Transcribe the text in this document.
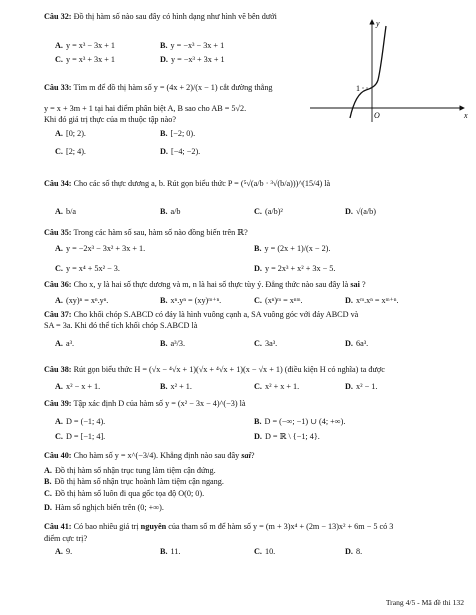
Câu 32: Đồ thị hàm số nào sau đây có hình dạng như hình vẽ bên dưới
A. y = x³ − 3x + 1	B. y = −x³ − 3x + 1
C. y = x³ + 3x + 1	D. y = −x³ + 3x + 1
y
x
O
1
Câu 33: Tìm m để đồ thị hàm số y = (4x + 2)/(x − 1) cắt đường thẳng
y = x + 3m + 1 tại hai điểm phân biệt A, B sao cho AB = 5√2.
Khi đó giá trị thực của m thuộc tập nào?
A. [0; 2).	B. [−2; 0).
C. [2; 4).	D. [−4; −2).
Câu 34: Cho các số thực dương a, b. Rút gọn biểu thức P = (⁵√(a/b · ³√(b/a)))^(15/4) là
A. b/a	B. a/b	C. (a/b)²	D. √(a/b)
Câu 35: Trong các hàm số sau, hàm số nào đồng biến trên ℝ?
A. y = −2x³ − 3x² + 3x + 1.	B. y = (2x + 1)/(x − 2).
C. y = x⁴ + 5x² − 3.	D. y = 2x³ + x² + 3x − 5.
Câu 36: Cho x, y là hai số thực dương và m, n là hai số thực tùy ý. Đẳng thức nào sau đây là sai ?
A. (xy)ⁿ = xⁿ.yⁿ.	B. xⁿ.yⁿ = (xy)ᵐ⁺ⁿ.	C. (xⁿ)ᵐ = xⁿᵐ.	D. xᵐ.xⁿ = xᵐ⁺ⁿ.
Câu 37: Cho khối chóp S.ABCD có đáy là hình vuông cạnh a, SA vuông góc với đáy ABCD và
SA = 3a. Khi đó thể tích khối chóp S.ABCD là
A. a³.	B. a³/3.	C. 3a³.	D. 6a³.
Câu 38: Rút gọn biểu thức H = (√x − ⁴√x + 1)(√x + ⁴√x + 1)(x − √x + 1) (điều kiện H có nghĩa) ta được
A. x² − x + 1.	B. x² + 1.	C. x² + x + 1.	D. x² − 1.
Câu 39: Tập xác định D của hàm số y = (x² − 3x − 4)^(−3) là
A. D = (−1; 4).	B. D = (−∞; −1) ∪ (4; +∞).
C. D = [−1; 4].	D. D = ℝ \ {−1; 4}.
Câu 40: Cho hàm số y = x^(−3/4). Khẳng định nào sau đây sai?
A. Đồ thị hàm số nhận trục tung làm tiệm cận đứng.
B. Đồ thị hàm số nhận trục hoành làm tiệm cận ngang.
C. Đồ thị hàm số luôn đi qua gốc tọa độ O(0; 0).
D. Hàm số nghịch biến trên (0; +∞).
Câu 41: Có bao nhiêu giá trị nguyên của tham số m để hàm số y = (m + 3)x⁴ + (2m − 13)x² + 6m − 5 có 3
điểm cực trị?
A. 9.	B. 11.	C. 10.	D. 8.
Trang 4/5 - Mã đề thi 132
